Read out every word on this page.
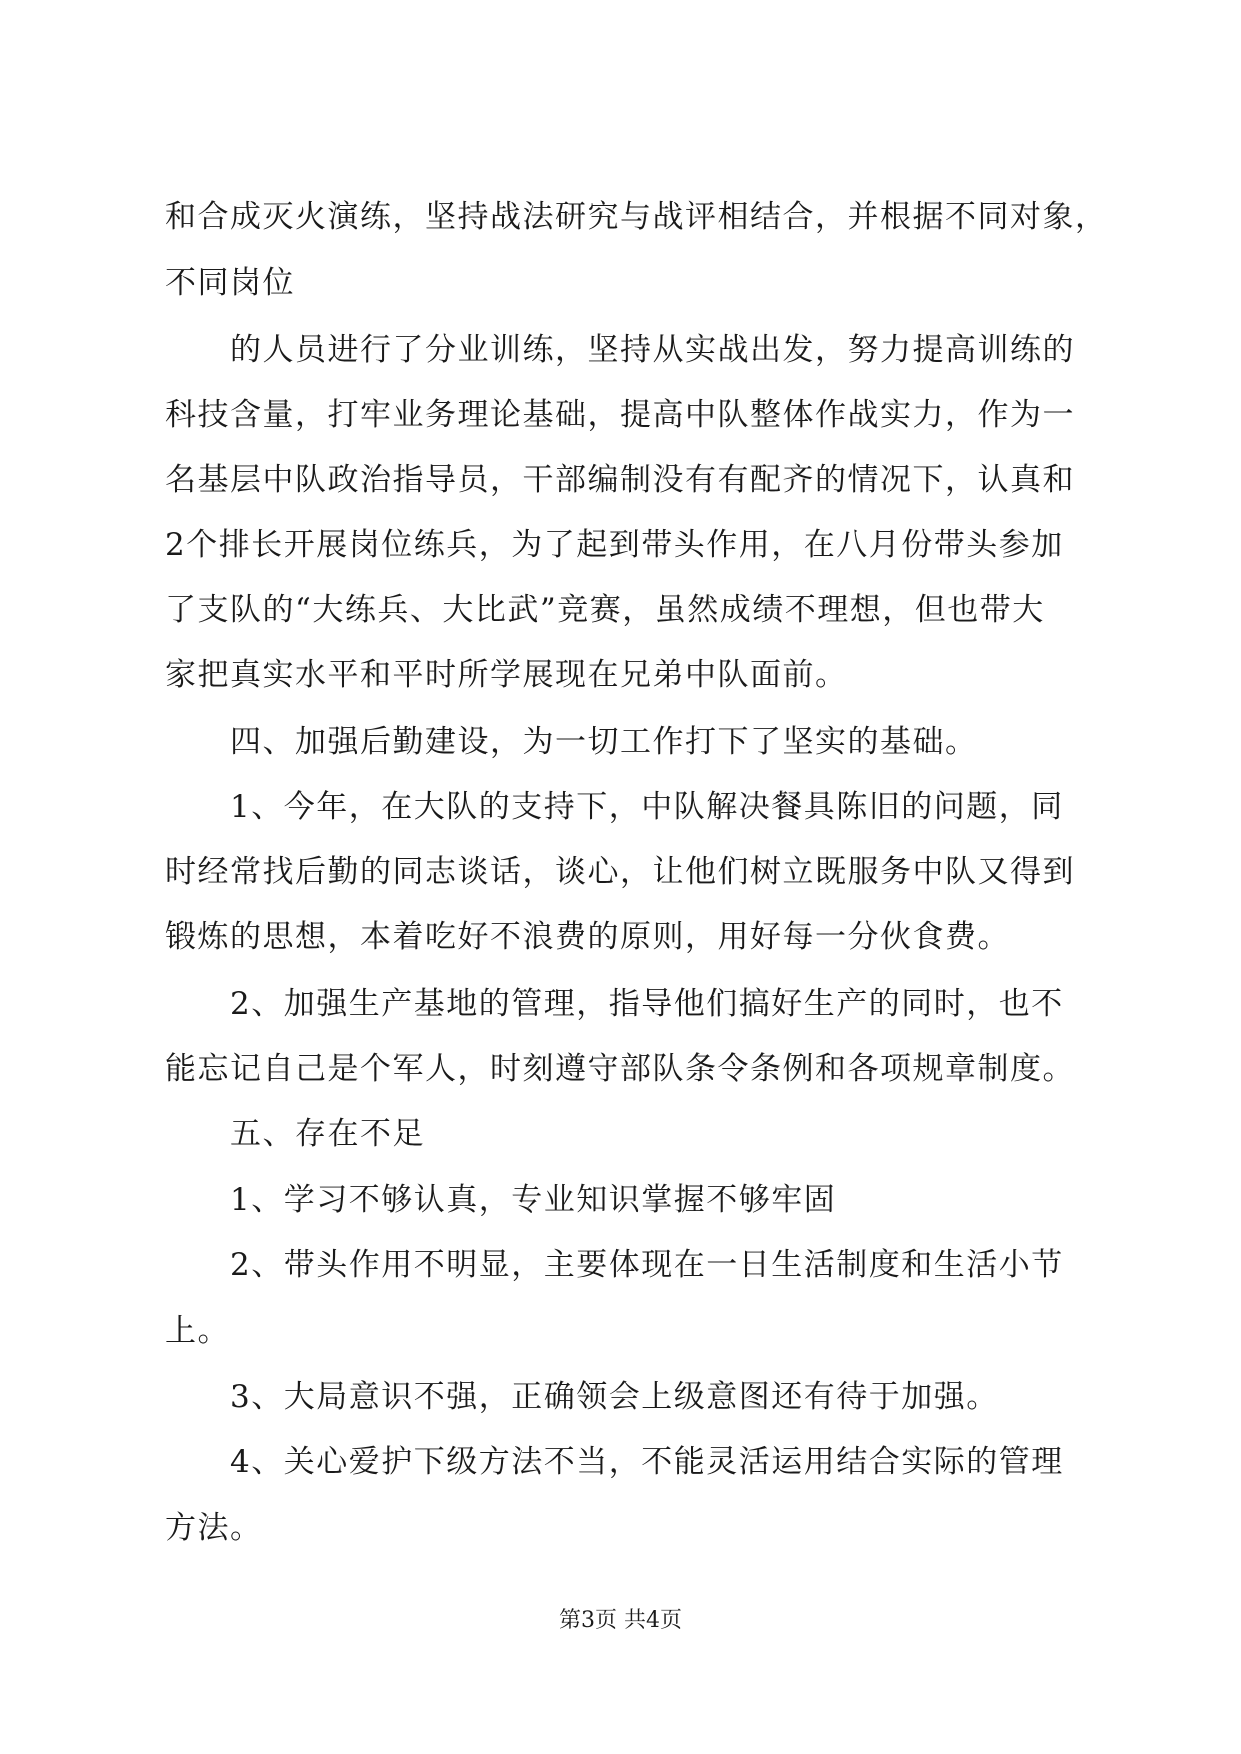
和合成灭火演练，坚持战法研究与战评相结合，并根据不同对象，
不同岗位
　　的人员进行了分业训练，坚持从实战出发，努力提高训练的
科技含量，打牢业务理论基础，提高中队整体作战实力，作为一
名基层中队政治指导员，干部编制没有有配齐的情况下，认真和
2个排长开展岗位练兵，为了起到带头作用，在八月份带头参加
了支队的“大练兵、大比武”竞赛，虽然成绩不理想，但也带大
家把真实水平和平时所学展现在兄弟中队面前。
　　四、加强后勤建设，为一切工作打下了坚实的基础。
　　1、今年，在大队的支持下，中队解决餐具陈旧的问题，同
时经常找后勤的同志谈话，谈心，让他们树立既服务中队又得到
锻炼的思想，本着吃好不浪费的原则，用好每一分伙食费。
　　2、加强生产基地的管理，指导他们搞好生产的同时，也不
能忘记自己是个军人，时刻遵守部队条令条例和各项规章制度。
　　五、存在不足
　　1、学习不够认真，专业知识掌握不够牢固
　　2、带头作用不明显，主要体现在一日生活制度和生活小节
上。
　　3、大局意识不强，正确领会上级意图还有待于加强。
　　4、关心爱护下级方法不当，不能灵活运用结合实际的管理
方法。
第3页 共4页
